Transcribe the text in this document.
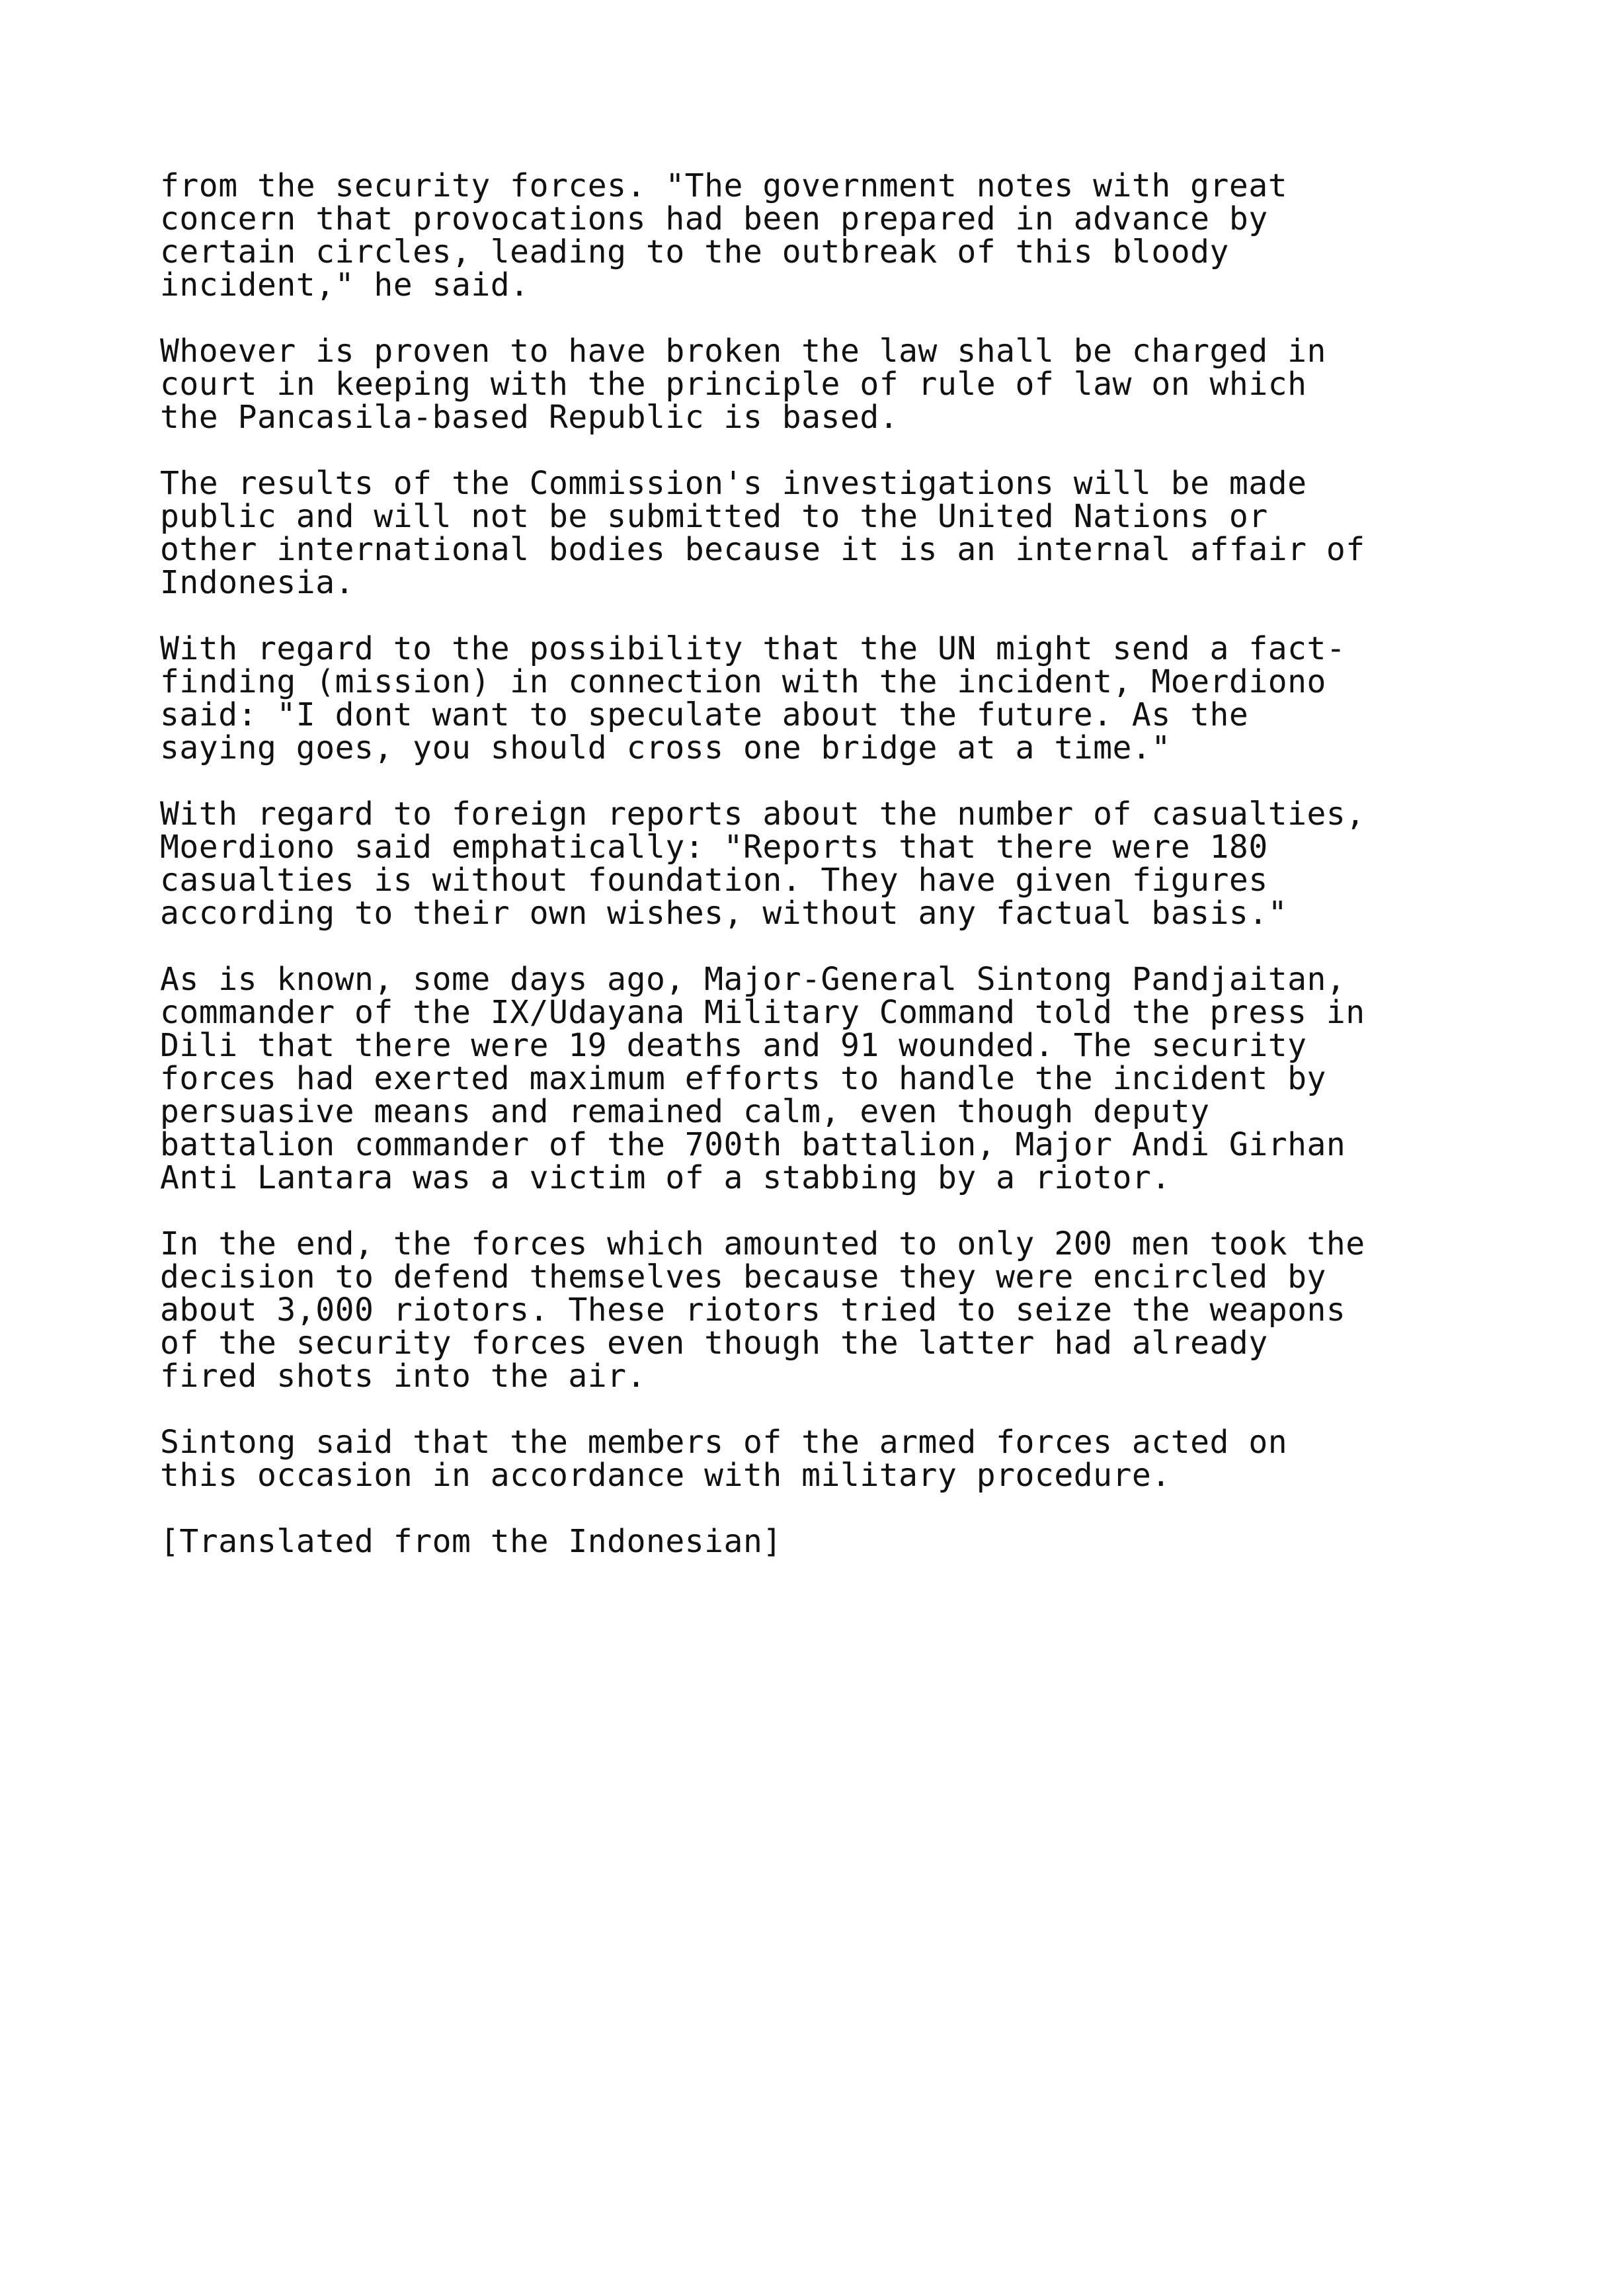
from the security forces. "The government notes with great
concern that provocations had been prepared in advance by
certain circles, leading to the outbreak of this bloody
incident," he said.
Whoever is proven to have broken the law shall be charged in
court in keeping with the principle of rule of law on which
the Pancasila-based Republic is based.
The results of the Commission's investigations will be made
public and will not be submitted to the United Nations or
other international bodies because it is an internal affair of
Indonesia.
With regard to the possibility that the UN might send a fact-
finding (mission) in connection with the incident, Moerdiono
said: "I dont want to speculate about the future. As the
saying goes, you should cross one bridge at a time."
With regard to foreign reports about the number of casualties,
Moerdiono said emphatically: "Reports that there were 180
casualties is without foundation. They have given figures
according to their own wishes, without any factual basis."
As is known, some days ago, Major-General Sintong Pandjaitan,
commander of the IX/Udayana Military Command told the press in
Dili that there were 19 deaths and 91 wounded. The security
forces had exerted maximum efforts to handle the incident by
persuasive means and remained calm, even though deputy
battalion commander of the 700th battalion, Major Andi Girhan
Anti Lantara was a victim of a stabbing by a riotor.
In the end, the forces which amounted to only 200 men took the
decision to defend themselves because they were encircled by
about 3,000 riotors. These riotors tried to seize the weapons
of the security forces even though the latter had already
fired shots into the air.
Sintong said that the members of the armed forces acted on
this occasion in accordance with military procedure.
[Translated from the Indonesian]
